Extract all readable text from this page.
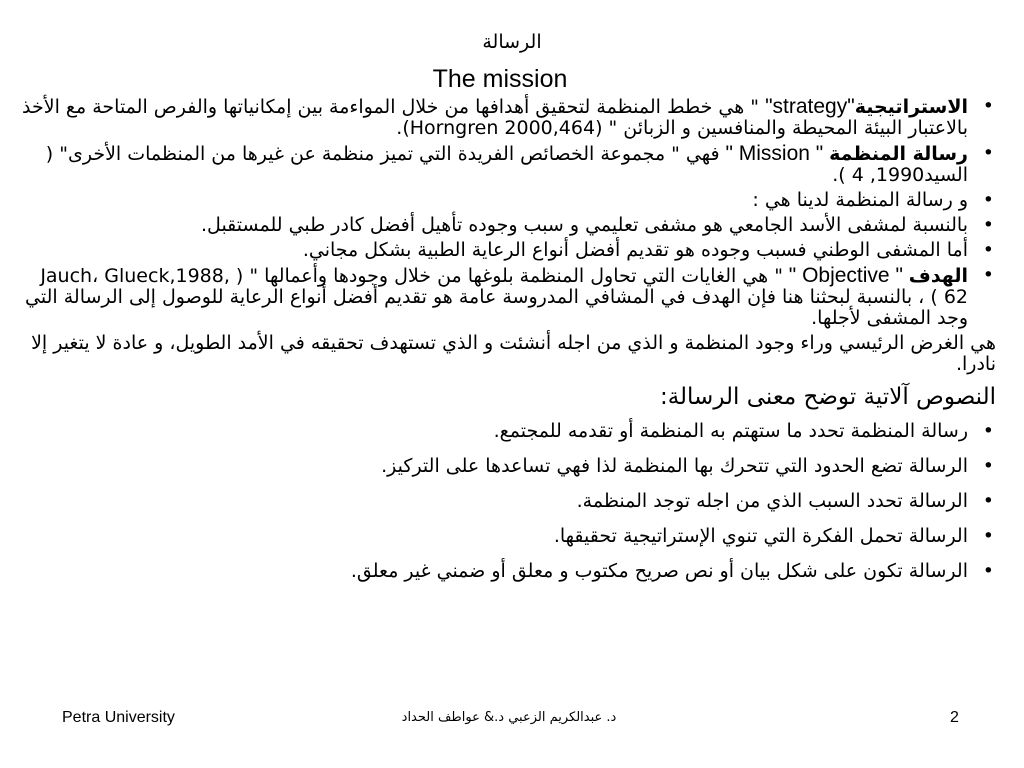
الرسالة
The mission
• الاستراتيجية"strategy" " هي خطط المنظمة لتحقيق أهدافها من خلال المواءمة بين إمكانياتها والفرص المتاحة مع الأخذ بالاعتبار البيئة المحيطة والمنافسين و الزبائن " (Horngren 2000,464).
• رسالة المنظمة " Mission " فهي " مجموعة الخصائص الفريدة التي تميز منظمة عن غيرها من المنظمات الأخرى" ( السيد1990, 4 ).
• و رسالة المنظمة لدينا هي :
• بالنسبة لمشفى الأسد الجامعي هو مشفى تعليمي و سبب وجوده تأهيل أفضل كادر طبي للمستقبل.
• أما المشفى الوطني فسبب وجوده هو تقديم أفضل أنواع الرعاية الطبية بشكل مجاني.
• الهدف " Objective " " هي الغايات التي تحاول المنظمة بلوغها من خلال وجودها وأعمالها " ( Jauch، Glueck,1988, 62 ) ، بالنسبة لبحثنا هنا فإن الهدف في المشافي المدروسة عامة هو تقديم أفضل أنواع الرعاية للوصول إلى الرسالة التي وجد المشفى لأجلها.
هي الغرض الرئيسي وراء وجود المنظمة و الذي من اجله أنشئت و الذي تستهدف تحقيقه في الأمد الطويل، و عادة لا يتغير إلا نادرا.
النصوص آلاتية توضح معنى الرسالة:
• رسالة المنظمة تحدد ما ستهتم به المنظمة أو تقدمه للمجتمع.
• الرسالة تضع الحدود التي تتحرك بها المنظمة لذا فهي تساعدها على التركيز.
• الرسالة تحدد السبب الذي من اجله توجد المنظمة.
• الرسالة تحمل الفكرة التي تنوي الإستراتيجية تحقيقها.
• الرسالة تكون على شكل بيان أو نص صريح مكتوب و معلق أو ضمني غير معلق.
Petra University	د. عبدالكريم الزعبي د.& عواطف الحداد	2
